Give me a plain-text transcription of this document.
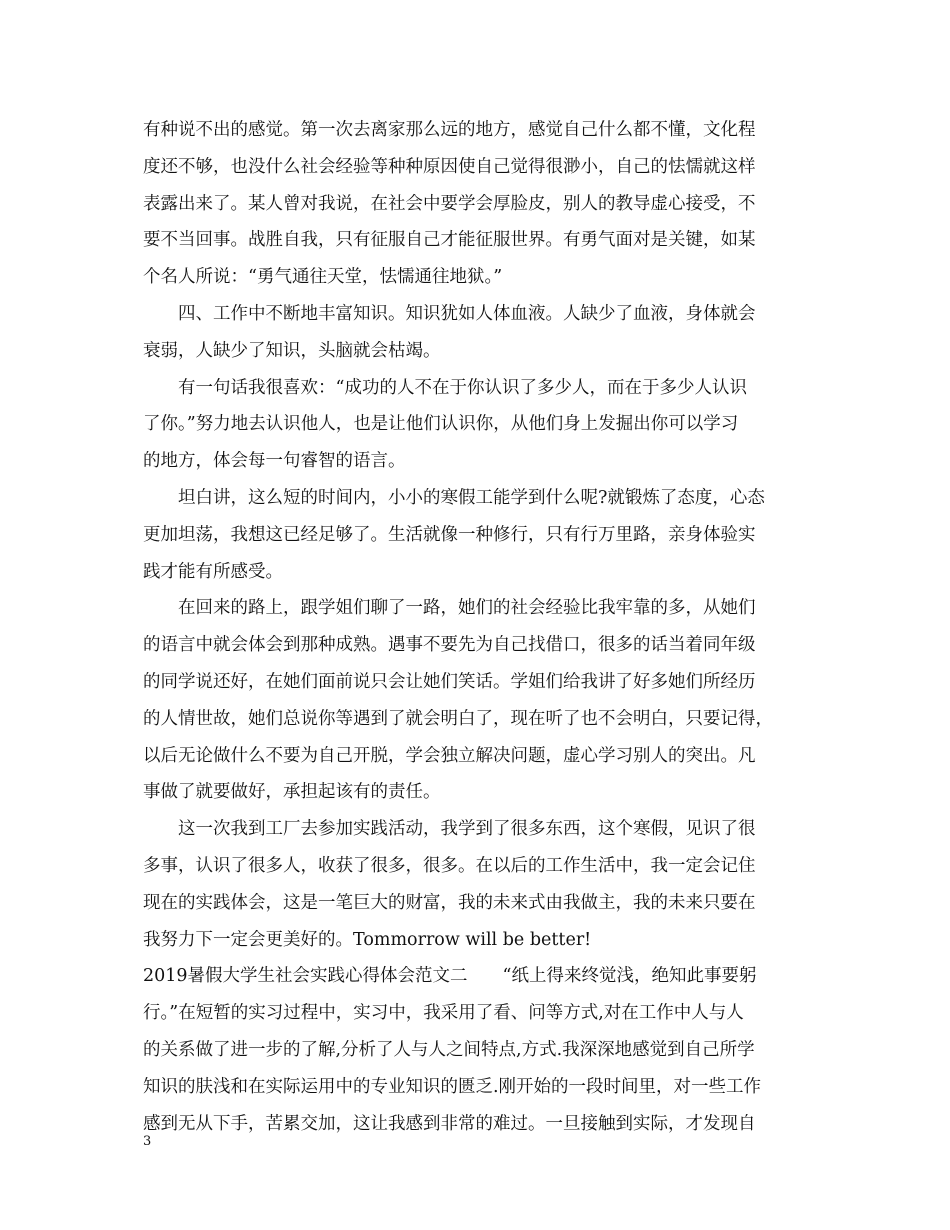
有种说不出的感觉。第一次去离家那么远的地方，感觉自己什么都不懂，文化程
度还不够，也没什么社会经验等种种原因使自己觉得很渺小，自己的怯懦就这样
表露出来了。某人曾对我说，在社会中要学会厚脸皮，别人的教导虚心接受，不
要不当回事。战胜自我，只有征服自己才能征服世界。有勇气面对是关键，如某
个名人所说：“勇气通往天堂，怯懦通往地狱。”
四、工作中不断地丰富知识。知识犹如人体血液。人缺少了血液，身体就会
衰弱，人缺少了知识，头脑就会枯竭。
有一句话我很喜欢：“成功的人不在于你认识了多少人，而在于多少人认识
了你。”努力地去认识他人，也是让他们认识你，从他们身上发掘出你可以学习
的地方，体会每一句睿智的语言。
坦白讲，这么短的时间内，小小的寒假工能学到什么呢?就锻炼了态度，心态
更加坦荡，我想这已经足够了。生活就像一种修行，只有行万里路，亲身体验实
践才能有所感受。
在回来的路上，跟学姐们聊了一路，她们的社会经验比我牢靠的多，从她们
的语言中就会体会到那种成熟。遇事不要先为自己找借口，很多的话当着同年级
的同学说还好，在她们面前说只会让她们笑话。学姐们给我讲了好多她们所经历
的人情世故，她们总说你等遇到了就会明白了，现在听了也不会明白，只要记得，
以后无论做什么不要为自己开脱，学会独立解决问题，虚心学习别人的突出。凡
事做了就要做好，承担起该有的责任。
这一次我到工厂去参加实践活动，我学到了很多东西，这个寒假，见识了很
多事，认识了很多人，收获了很多，很多。在以后的工作生活中，我一定会记住
现在的实践体会，这是一笔巨大的财富，我的未来式由我做主，我的未来只要在
我努力下一定会更美好的。Tommorrow will be better!
2019暑假大学生社会实践心得体会范文二　　“纸上得来终觉浅，绝知此事要躬
行。”在短暂的实习过程中，实习中，我采用了看、问等方式,对在工作中人与人
的关系做了进一步的了解,分析了人与人之间特点,方式.我深深地感觉到自己所学
知识的肤浅和在实际运用中的专业知识的匮乏.刚开始的一段时间里，对一些工作
感到无从下手，苦累交加，这让我感到非常的难过。一旦接触到实际，才发现自
3
